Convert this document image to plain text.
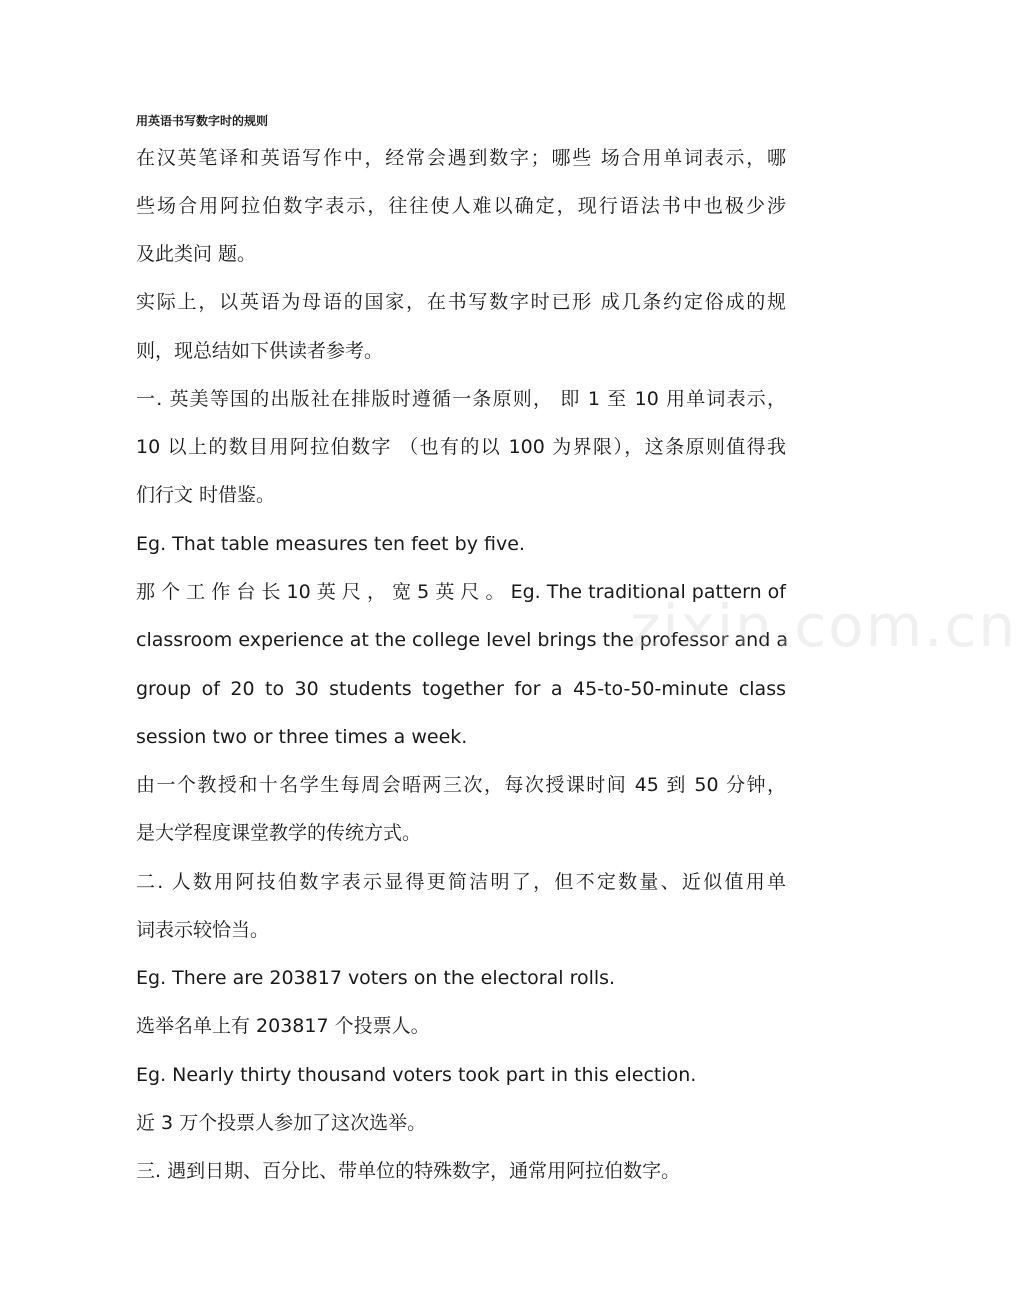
用英语书写数字时的规则
在汉英笔译和英语写作中，经常会遇到数字；哪些 场合用单词表示，哪
些场合用阿拉伯数字表示，往往使人难以确定，现行语法书中也极少涉
及此类问 题。
实际上，以英语为母语的国家，在书写数字时已形 成几条约定俗成的规
则，现总结如下供读者参考。
一. 英美等国的出版社在排版时遵循一条原则， 即 1 至 10 用单词表示，
10 以上的数目用阿拉伯数字 （也有的以 100 为界限），这条原则值得我
们行文 时借鉴。
Eg. That table measures ten feet by five.
那 个 工 作 台 长 10 英 尺 ， 宽 5 英 尺 。 Eg. The traditional pattern of
classroom experience at the college level brings the professor and a
group of 20 to 30 students together for a 45-to-50-minute class
session two or three times a week.
由一个教授和十名学生每周会晤两三次，每次授课时间 45 到 50 分钟，
是大学程度课堂教学的传统方式。
二. 人数用阿技伯数字表示显得更简洁明了，但不定数量、近似值用单
词表示较恰当。
Eg. There are 203817 voters on the electoral rolls.
选举名单上有 203817 个投票人。
Eg. Nearly thirty thousand voters took part in this election.
近 3 万个投票人参加了这次选举。
三. 遇到日期、百分比、带单位的特殊数字，通常用阿拉伯数字。
zixin.com.cn
